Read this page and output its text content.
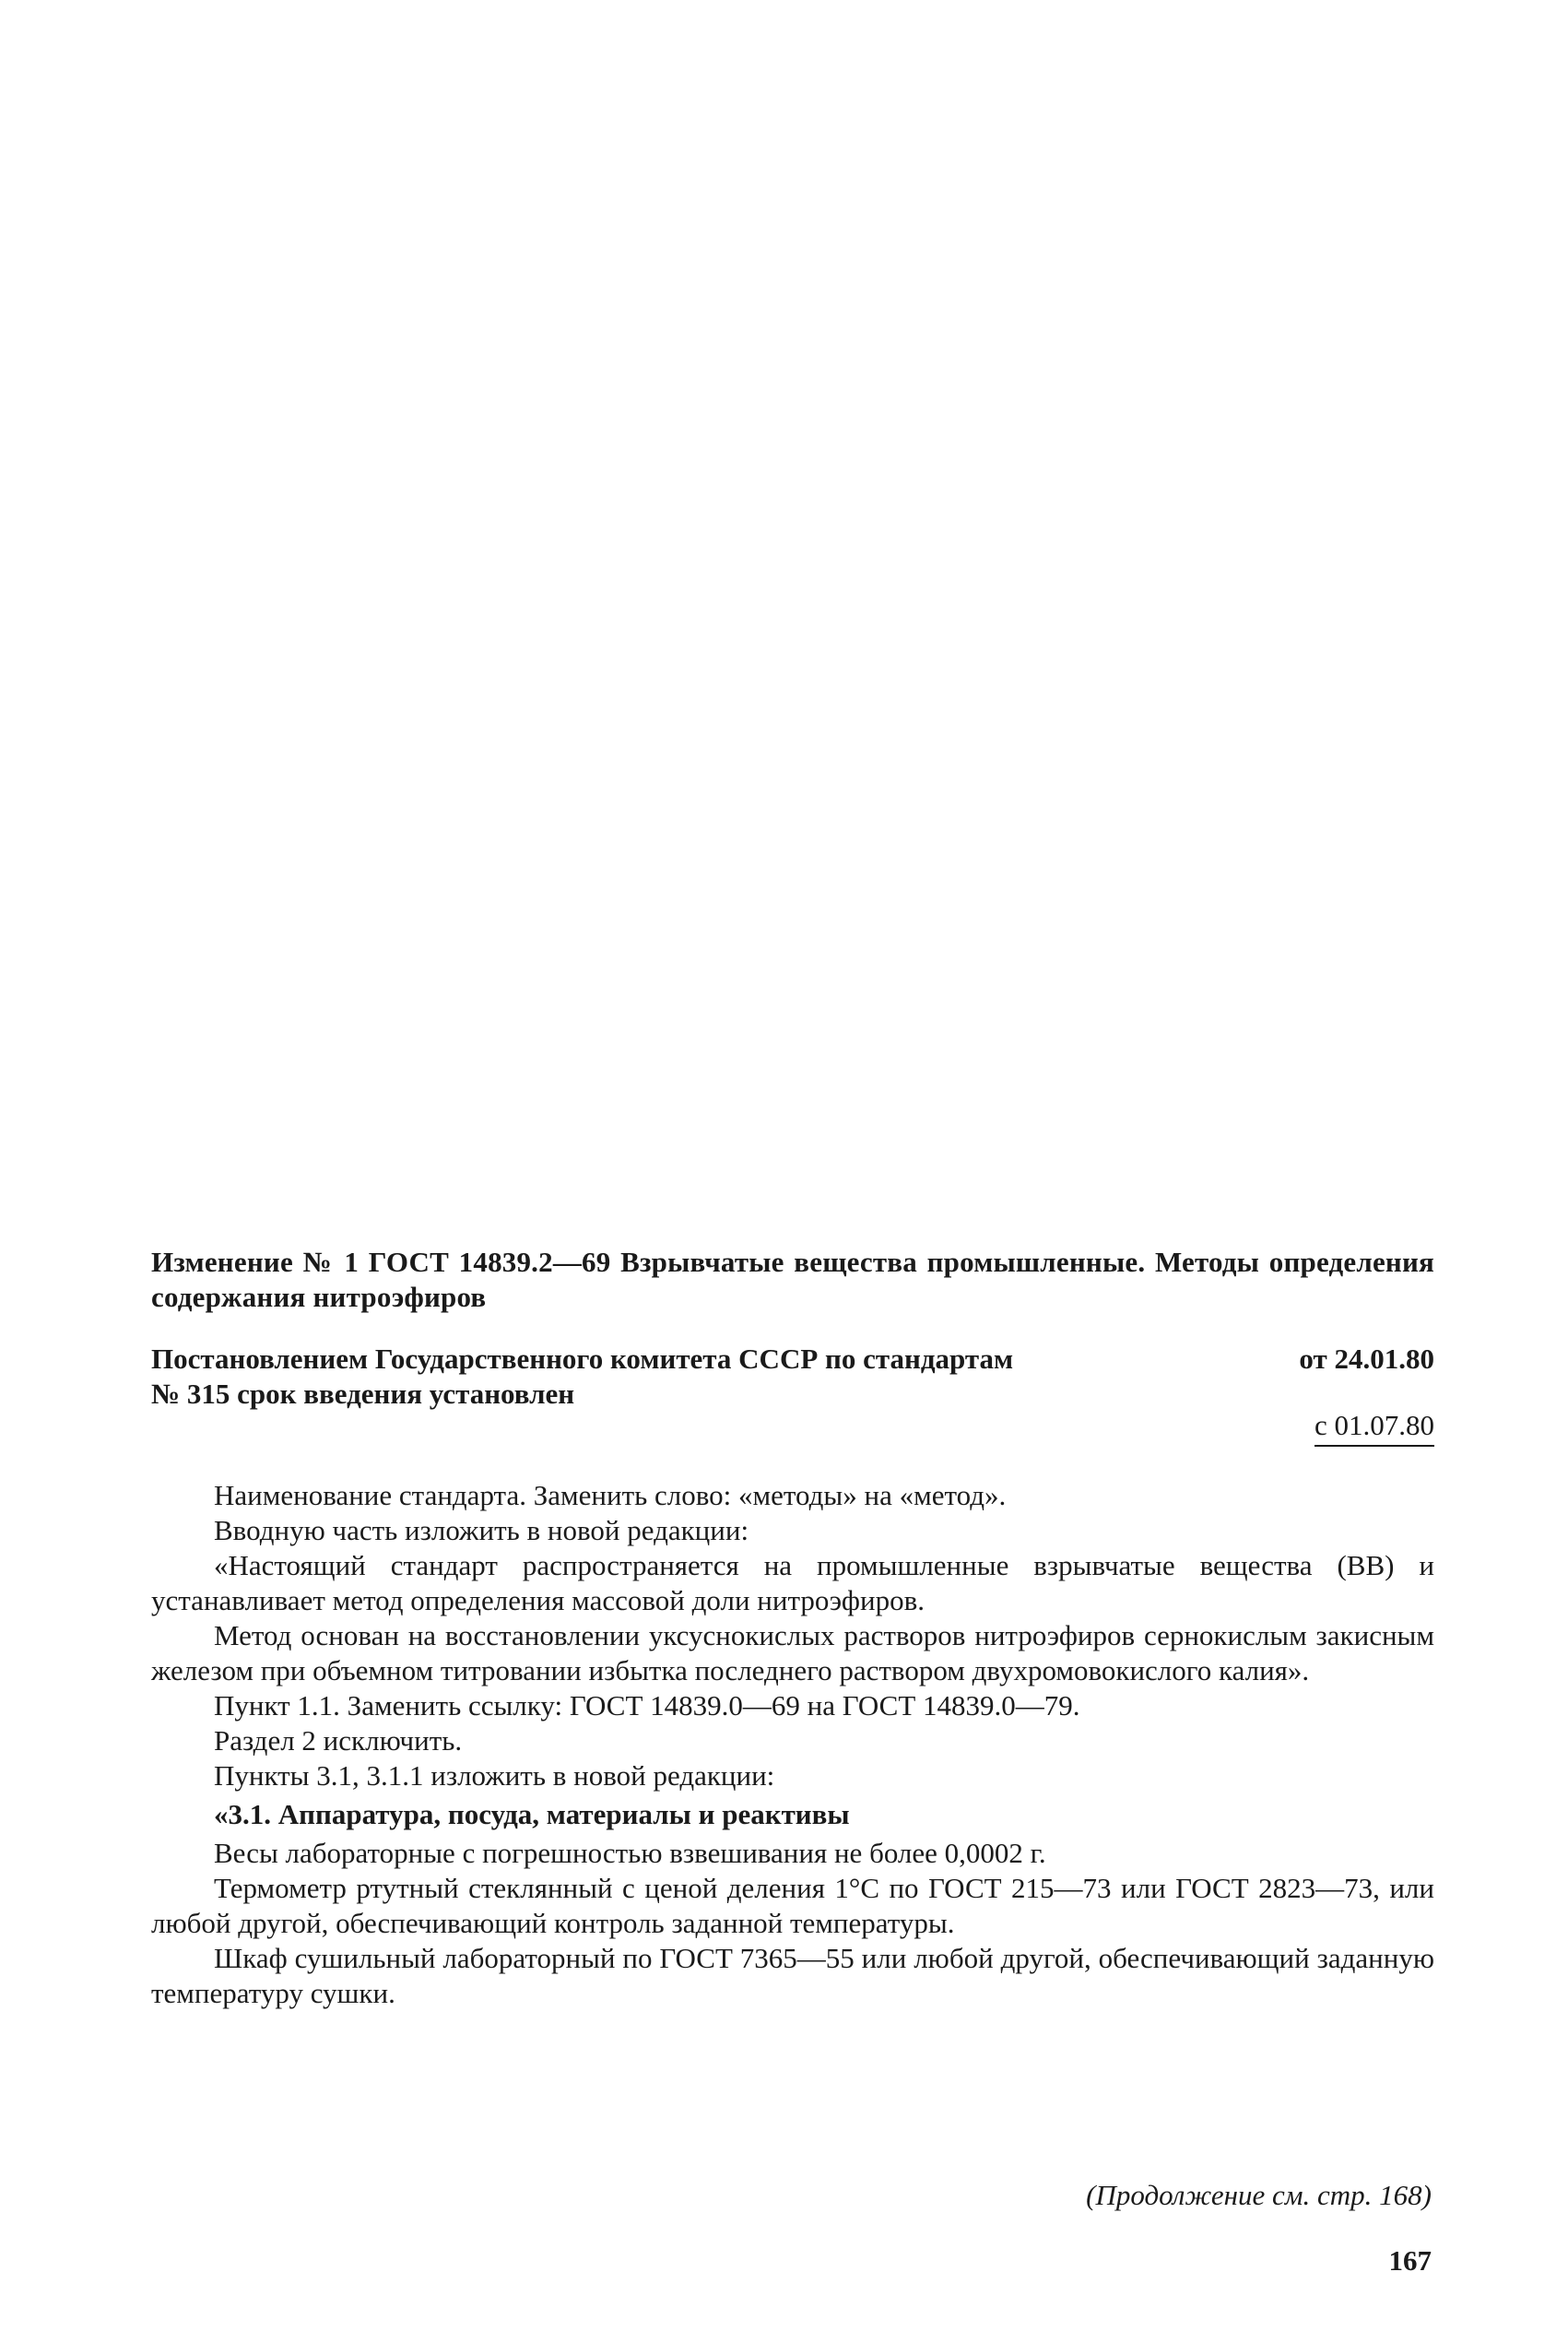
Изменение № 1 ГОСТ 14839.2—69 Взрывчатые вещества промышленные. Методы определения содержания нитроэфиров
Постановлением Государственного комитета СССР по стандартам	от 24.01.80
№ 315 срок введения установлен
с 01.07.80

Наименование стандарта. Заменить слово: «методы» на «метод».

Вводную часть изложить в новой редакции:

«Настоящий стандарт распространяется на промышленные взрывчатые вещества (ВВ) и устанавливает метод определения массовой доли нитроэфиров.

Метод основан на восстановлении уксуснокислых растворов нитроэфиров сернокислым закисным железом при объемном титровании избытка последнего раствором двухромовокислого калия».

Пункт 1.1. Заменить ссылку: ГОСТ 14839.0—69 на ГОСТ 14839.0—79.

Раздел 2 исключить.

Пункты 3.1, 3.1.1 изложить в новой редакции:

«3.1. Аппаратура, посуда, материалы и реактивы

Весы лабораторные с погрешностью взвешивания не более 0,0002 г.

Термометр ртутный стеклянный с ценой деления 1°С по ГОСТ 215—73 или ГОСТ 2823—73, или любой другой, обеспечивающий контроль заданной температуры.

Шкаф сушильный лабораторный по ГОСТ 7365—55 или любой другой, обеспечивающий заданную температуру сушки.

(Продолжение см. стр. 168)
167
